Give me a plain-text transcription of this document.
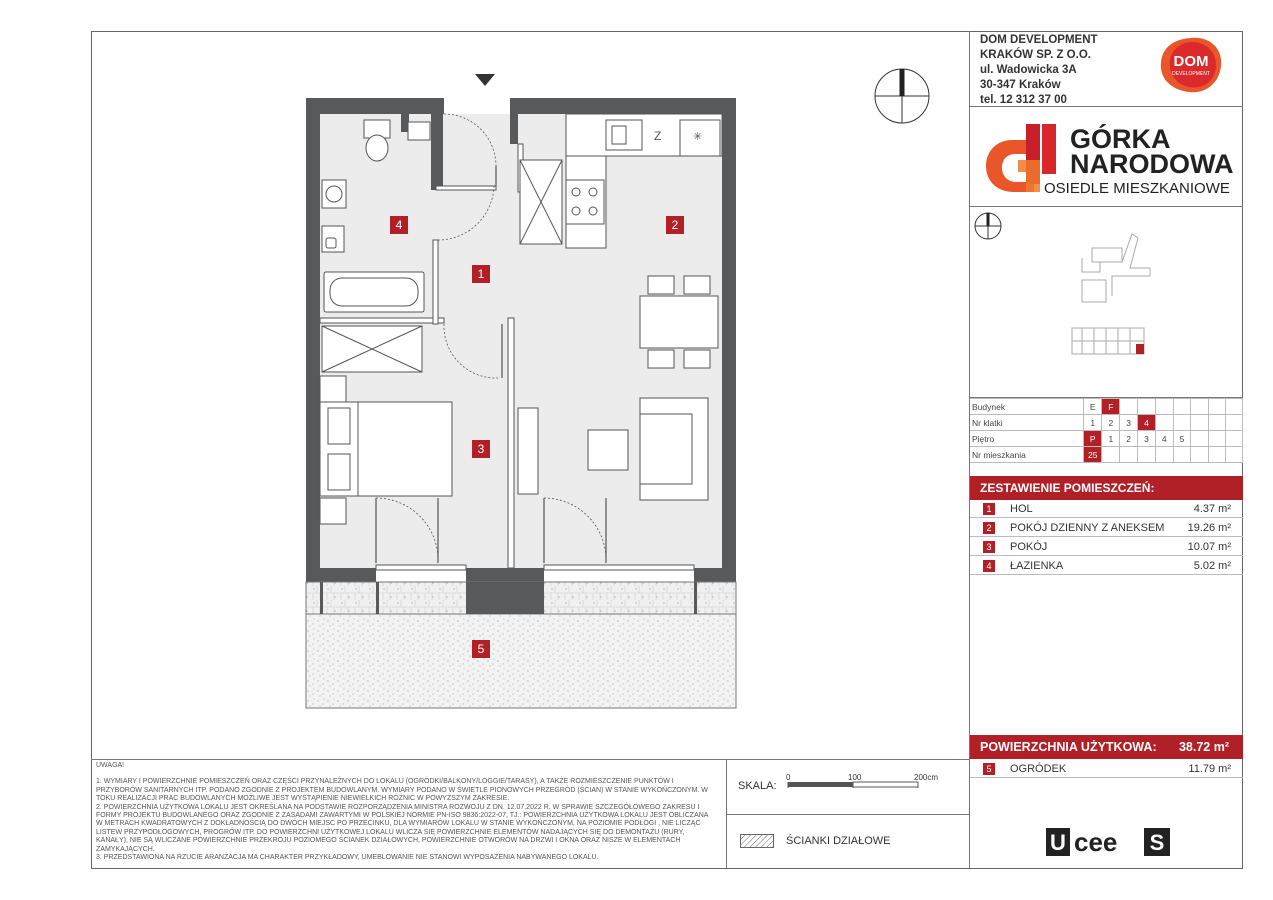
DOM DEVELOPMENT
KRAKÓW SP. Z O.O.
ul. Wadowicka 3A
30-347 Kraków
tel. 12 312 37 00
DOM
DEVELOPMENT
GÓRKA
NARODOWA
OSIEDLE MIESZKANIOWE
Budynek	E	F							
Nr klatki	1	2	3	4					
Piętro	P	1	2	3	4	5			
Nr mieszkania	25								
ZESTAWIENIE POMIESZCZEŃ:
1	HOL	4.37 m²
2	POKÓJ DZIENNY Z ANEKSEM 19.26 m²
3	POKÓJ	10.07 m²
4	ŁAZIENKA	5.02 m²
POWIERZCHNIA UŻYTKOWA: 38.72 m²
5	OGRÓDEK	11.79 m²

UWAGA!

1. WYMIARY I POWIERZCHNIE POMIESZCZEŃ ORAZ CZĘŚCI PRZYNALEŻNYCH DO LOKALU (OGRÓDKI/BALKONY/LOGGIE/TARASY), A TAKŻE ROZMIESZCZENIE PUNKTÓW I PRZYBORÓW SANITARNYCH ITP. PODANO ZGODNIE Z PROJEKTEM BUDOWLANYM. WYMIARY PODANO W ŚWIETLE PIONOWYCH PRZEGRÓD (ŚCIAN) W STANIE WYKOŃCZONYM. W TOKU REALIZACJI PRAC BUDOWLANYCH MOŻLIWE JEST WYSTĄPIENIE NIEWIELKICH RÓŻNIC W POWYŻSZYM ZAKRESIE.

2. POWIERZCHNIA UŻYTKOWA LOKALU JEST OKREŚLANA NA PODSTAWIE ROZPORZĄDZENIA MINISTRA ROZWOJU Z DN. 12.07.2022 R. W SPRAWIE SZCZEGÓŁOWEGO ZAKRESU I FORMY PROJEKTU BUDOWLANEGO ORAZ ZGODNIE Z ZASADAMI ZAWARTYMI W POLSKIEJ NORMIE PN-ISO 9836:2022-07, TJ.: POWIERZCHNIA UŻYTKOWA LOKALU JEST OBLICZANA W METRACH KWADRATOWYCH Z DOKŁADNOŚCIĄ DO DWÓCH MIEJSC PO PRZECINKU, DLA WYMIARÓW LOKALU W STANIE WYKOŃCZONYM, NA POZIOMIE PODŁOGI , NIE LICZĄC LISTEW PRZYPODŁOGOWYCH, PROGRÓW ITP. DO POWIERZCHNI UŻYTKOWEJ LOKALU WLICZA SIĘ POWIERZCHNIE ELEMENTÓW NADAJĄCYCH SIĘ DO DEMONTAŻU (RURY, KANAŁY), NIE SĄ WLICZANE POWIERZCHNIE PRZEKROJU POZIOMEGO ŚCIANEK DZIAŁOWYCH, POWIERZCHNIE OTWORÓW NA DRZWI I OKNA ORAZ NISZE W ELEMENTACH ZAMYKAJĄCYCH.

3. PRZEDSTAWIONA NA RZUCIE ARANŻACJA MA CHARAKTER PRZYKŁADOWY, UMEBLOWANIE NIE STANOWI WYPOSAŻENIA NABYWANEGO LOKALU.

SKALA:
0	100	200cm
ŚCIANKI DZIAŁOWE	U cee S
Z	✳
4	2
1
3
5
